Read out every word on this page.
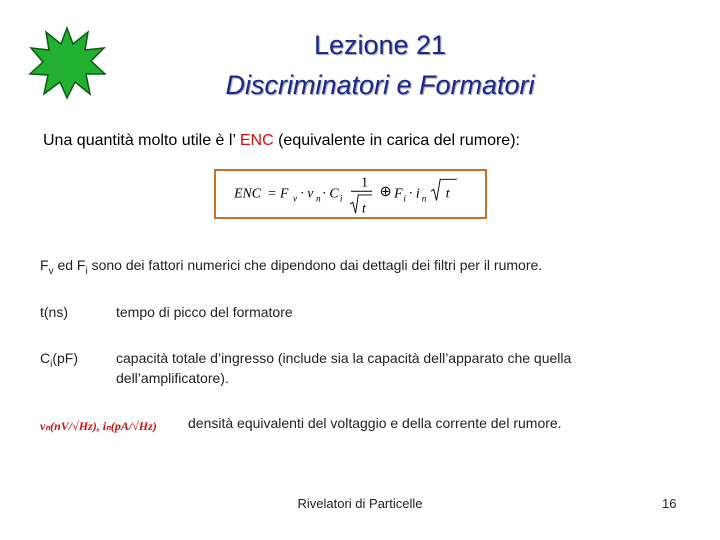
Lezione 21
Discriminatori e Formatori
Una quantità molto utile è l’ ENC (equivalente in carica del rumore):
ENC = F v · v n · C i
1
t
⊕ F i · i n t
$F_v$ ed $F_i$ sono dei fattori numerici che dipendono dai dettagli dei filtri per il rumore.
t(ns)	tempo di picco del formatore
$C_i(pF)$	capacità totale d’ingresso (include sia la capacità dell’apparato che quella dell’amplificatore).
vₙ(nV/√Hz), iₙ(pA/√Hz) densità equivalenti del voltaggio e della corrente del rumore.
Rivelatori di Particelle	16
